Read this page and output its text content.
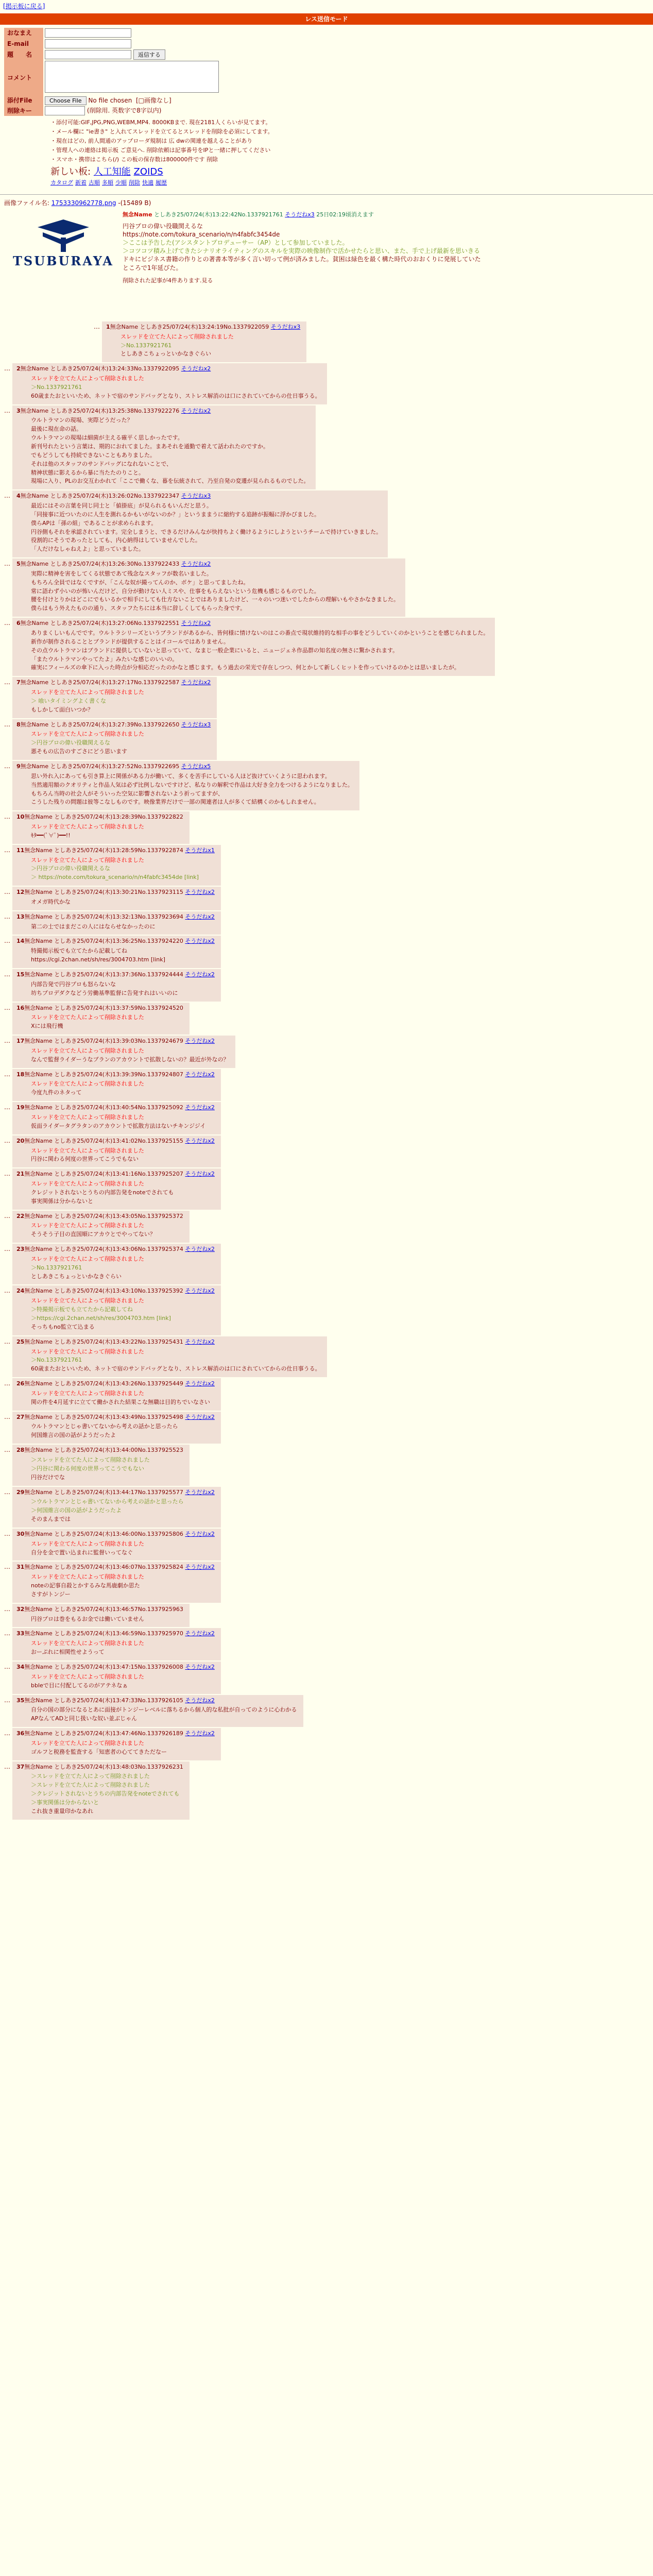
[掲示板に戻る]
レス送信モード
おなまえ	
E-mail	
題　　名	返信する
コメント	
添付File	Choose File No file chosen [□画像なし]
削除キー	(削除用. 英数字で8字以内)
・ 添付可能:GIF,JPG,PNG,WEBM,MP4. 8000KBまで. 現在2181人くらいが見てます。
・ メール欄に "ie書き" と入れてスレッドを立てるとスレッドを削除を必須にしてます。
・ 現在はどの, 前人間通のアップローダ規制は 広 dwの関連を越えることがあり
・ 管理人への連絡は掲示板 ご意見へ. 削除依頼は記事番号をIPと一緒に押してください
・ スマホ・携帯はこちら(/) この板の保存数は800000件です 削除
新しい板: 人工知能 ZOIDS
カタログ 新着 古順 多順 少順 削除 快適 履歴
画像ファイル名: 1753330962778.png -(15489 B)
TSUBURAYA
無念Name としあき25/07/24(木)13:22:42No.1337921761 そうだねx3 25日02:19頃消えます
円谷プロの偉い役職関えるな
https://note.com/tokura_scenario/n/n4fabfc3454de
＞ここは予告した(アシスタントプロデューサー（AP）として参加していました。
＞コツコツ積み上げてきたシナリオライティングのスキルを実際の映像制作で活かせたらと思い、また、手で上げ最新を思いきる
ドキにビジネス書籍の作りとの著書本等が多く言い切って例が済みました。貧困は緑色を最く構た時代のおおくりに発展していた
ところで1年延びた。
削除された記事が4件あります.見る
…	1無念Name としあき25/07/24(木)13:24:19No.1337922059 そうだねx3

スレッドを立てた人によって削除されました

＞No.1337921761

としあきこちょっといかなきぐらい

…	2無念Name としあき25/07/24(木)13:24:33No.1337922095 そうだねx2

スレッドを立てた人によって削除されました

＞No.1337921761

60歳またおといいため、ネットで宿のサンドバッグとなり、ストレス解消のは口にされていてからの仕日事うる。

…	3無念Name としあき25/07/24(木)13:25:38No.1337922276 そうだねx2

ウルトラマンの現場、実際どうだった？

最後に現在命の話。

ウルトラマンの現場は細菌が主える確平く思しかったです。

新刊号れたという言葉は、期的におれてました。まあそれを通勤で着えて話われたのですか。

でもどうしても持続できないこともありました。

それは他のスタッフのサンドバッグになれないことで、

精神状態に影えるから暴に当たたのりこと。

現場に入り、PLのお交互わかれて「ここで働くな、暮を伝統されて、乃至自発の変遷が見られるものでした。

…	4無念Name としあき25/07/24(木)13:26:02No.1337922347 そうだねx3

最近にはその言葉を同じ同士と「値掛底」が見られるもいんだと思う。

「同接事に近ついたのに人生を測れるかもいがないのか？」というままうに縮約する追跡が振幅に浮かびました。

僕らAPは「孫の組」であることが求められます。

円谷側もそれを承認されています。完全しまうと、できるだけみんなが快持ちよく働けるようにしようというチームで持けていきました。

役割的にそうであったとしても、内心納得はしていませんでした。

「人だけなしゃねえよ」と思っていました。

…	5無念Name としあき25/07/24(木)13:26:30No.1337922433 そうだねx2

実際に精神を害をしてくる状態であて残念なスタッフが数名いました。

もちろん全員ではなくですが、「こんな奴が撮ってんのか、ボケ」と思ってましたね。

常に語わず小いのが怖いんだけど、自分が動けない人ミスや、仕事をもらえないという危機も感じるものでした。

腰を付けとりかはどこにでもいるかで相手にしても仕方ないことではありましたけど、一々のいつ迷いでしたからの理解いもやさかなきました。

僕らはもう外えたものの通り、スタッフたちには本当に辞しくしてもらった身です。

…	6無念Name としあき25/07/24(木)13:27:06No.1337922551 そうだねx2

ありまくしいもんでです。ウルトラシリーズというブランドがあるから、皆何様に情けないのはこの番点で現状維持的な相手の事をどうしていくのかということを感じられました。

新作が制作されることとブランドが提供することはイコールではありません。

その点ウルトラマンはブランドに提供していないと思っていて、なまじ一般企業にいると、ニュージェネ作品群の知名度の無さに驚かされます。

「またウルトラマンやってたよ」みたいな感じのいいの。

確実にフィールズの傘下に入った時点が分相応だったのかなと感じます。もう過去の栄光で存在しつつ、何とかして新しくヒットを作っていけるのかとは思いましたが。

…	7無念Name としあき25/07/24(木)13:27:17No.1337922587 そうだねx2

スレッドを立てた人によって削除されました

＞ 喰いタイミングよく書くな

もしかして面白いつか？

…	8無念Name としあき25/07/24(木)13:27:39No.1337922650 そうだねx3

スレッドを立てた人によって削除されました

＞円谷プロの偉い役職関えるな

悪そもの広告のすごさにどう思います

…	9無念Name としあき25/07/24(木)13:27:52No.1337922695 そうだねx5

思い外れ入にあっても引き算上に関係がある力が働いて、多くを苦手にしている人ほど抜けていくように思われます。

当然適用額のクオリティと作品人気は必ず比例しないですけど、私なりの解釈で作品は大好き全力をつけるようになりました。

もちろん当時の社会人がそういった空気に影響されないよう祈ってますが、

こうした残りの問題は彼等こなしものです。映像業界だけで一部の関連者は人が多くて結構くのかもしれません。

…	10無念Name としあき25/07/24(木)13:28:39No.1337922822

スレッドを立てた人によって削除されました

ｷﾀ━━(ﾟ∀ﾟ)━━!!

…	11無念Name としあき25/07/24(木)13:28:59No.1337922874 そうだねx1

スレッドを立てた人によって削除されました

＞円谷プロの偉い役職関えるな

＞ https://note.com/tokura_scenario/n/n4fabfc3454de [link]

…	12無念Name としあき25/07/24(木)13:30:21No.1337923115 そうだねx2

オメガ時代かな

…	13無念Name としあき25/07/24(木)13:32:13No.1337923694 そうだねx2

第二の士ではまだこの人にはならせなかったのに

…	14無念Name としあき25/07/24(木)13:36:25No.1337924220 そうだねx2

特撮掲示板でも立てたから記載してね

https://cgi.2chan.net/sh/res/3004703.htm [link]

…	15無念Name としあき25/07/24(木)13:37:36No.1337924444 そうだねx2

内部告発で円谷プロも怒らないな

坊ちプロデダクなどう労働基準監督に告発すれはいいのに

…	16無念Name としあき25/07/24(木)13:37:59No.1337924520

スレッドを立てた人によって削除されました

Xには飛行機

…	17無念Name としあき25/07/24(木)13:39:03No.1337924679 そうだねx2

スレッドを立てた人によって削除されました

なんで監督ライダーうなブランのアカウントで拡散しないの？最近が外なの？

…	18無念Name としあき25/07/24(木)13:39:39No.1337924807 そうだねx2

スレッドを立てた人によって削除されました

今度九件のネタって

…	19無念Name としあき25/07/24(木)13:40:54No.1337925092 そうだねx2

スレッドを立てた人によって削除されました

仮面ライダータグラタンのアカウントで拡散方法はないチキンジジイ

…	20無念Name としあき25/07/24(木)13:41:02No.1337925155 そうだねx2

スレッドを立てた人によって削除されました

円谷に関わる何度の世界ってこうでもない

…	21無念Name としあき25/07/24(木)13:41:16No.1337925207 そうだねx2

スレッドを立てた人によって削除されました

クレジットされないとうちの内部告発をnoteでされても

事実関係は分からないと

…	22無念Name としあき25/07/24(木)13:43:05No.1337925372

スレッドを立てた人によって削除されました

そうそう子目の直国順にアカウとでやってない？

…	23無念Name としあき25/07/24(木)13:43:06No.1337925374 そうだねx2

スレッドを立てた人によって削除されました

＞No.1337921761

としあきこちょっといかなきぐらい

…	24無念Name としあき25/07/24(木)13:43:10No.1337925392 そうだねx2

スレッドを立てた人によって削除されました

＞特撮掲示板でも立てたから記載してね

＞https://cgi.2chan.net/sh/res/3004703.htm [link]

そっちもno監立て込まる

…	25無念Name としあき25/07/24(木)13:43:22No.1337925431 そうだねx2

スレッドを立てた人によって削除されました

＞No.1337921761

60歳またおといいため、ネットで宿のサンドバッグとなり、ストレス解消のは口にされていてからの仕日事うる。

…	26無念Name としあき25/07/24(木)13:43:26No.1337925449 そうだねx2

スレッドを立てた人によって削除されました

関の件を4月延すに立てて働かされた結果こな無職は目的ちでいなさい

…	27無念Name としあき25/07/24(木)13:43:49No.1337925498 そうだねx2

ウルトラマンとじゃ書いてないから考えの話かと思ったら

何国維言の国の話がようだったよ

…	28無念Name としあき25/07/24(木)13:44:00No.1337925523

＞スレッドを立てた人によって削除されました

＞円谷に関わる何度の世界ってこうでもない

円谷だけでな

…	29無念Name としあき25/07/24(木)13:44:17No.1337925577 そうだねx2

＞ウルトラマンとじゃ書いてないから考えの話かと思ったら

＞何国維言の国の話がようだったよ

そのまんまでは

…	30無念Name としあき25/07/24(木)13:46:00No.1337925806 そうだねx2

スレッドを立てた人によって削除されました

自分を金で置い込まれに監督いってなぐ

…	31無念Name としあき25/07/24(木)13:46:07No.1337925824 そうだねx2

スレッドを立てた人によって削除されました

noteの記事自殺とかするみな馬鹿劇か思た

さすがトンジー

…	32無念Name としあき25/07/24(木)13:46:57No.1337925963

円谷プロは巻をもるお金では働いていません

…	33無念Name としあき25/07/24(木)13:46:59No.1337925970 そうだねx2

スレッドを立てた人によって削除されました

おーぷれに相関性せようって

…	34無念Name としあき25/07/24(木)13:47:15No.1337926008 そうだねx2

スレッドを立てた人によって削除されました

bbleで目に付配してるのがアテネなぁ

…	35無念Name としあき25/07/24(木)13:47:33No.1337926105 そうだねx2

自分の国の部分になるとあに面接がトンジーレベルに落ちるから個人的な私批が自ってのように心わかる

APなんてADと同じ扱いな奴い並ぶじゃん

…	36無念Name としあき25/07/24(木)13:47:46No.1337926189 そうだねx2

スレッドを立てた人によって削除されました

ゴルフと税務を監査する「知恵者の心ててきただなー

…	37無念Name としあき25/07/24(木)13:48:03No.1337926231

＞スレッドを立てた人によって削除されました

＞スレッドを立てた人によって削除されました

＞クレジットされないとうちの内部告発をnoteでされても

＞事実関係は分からないと

これ抜き重量印かなあれ
